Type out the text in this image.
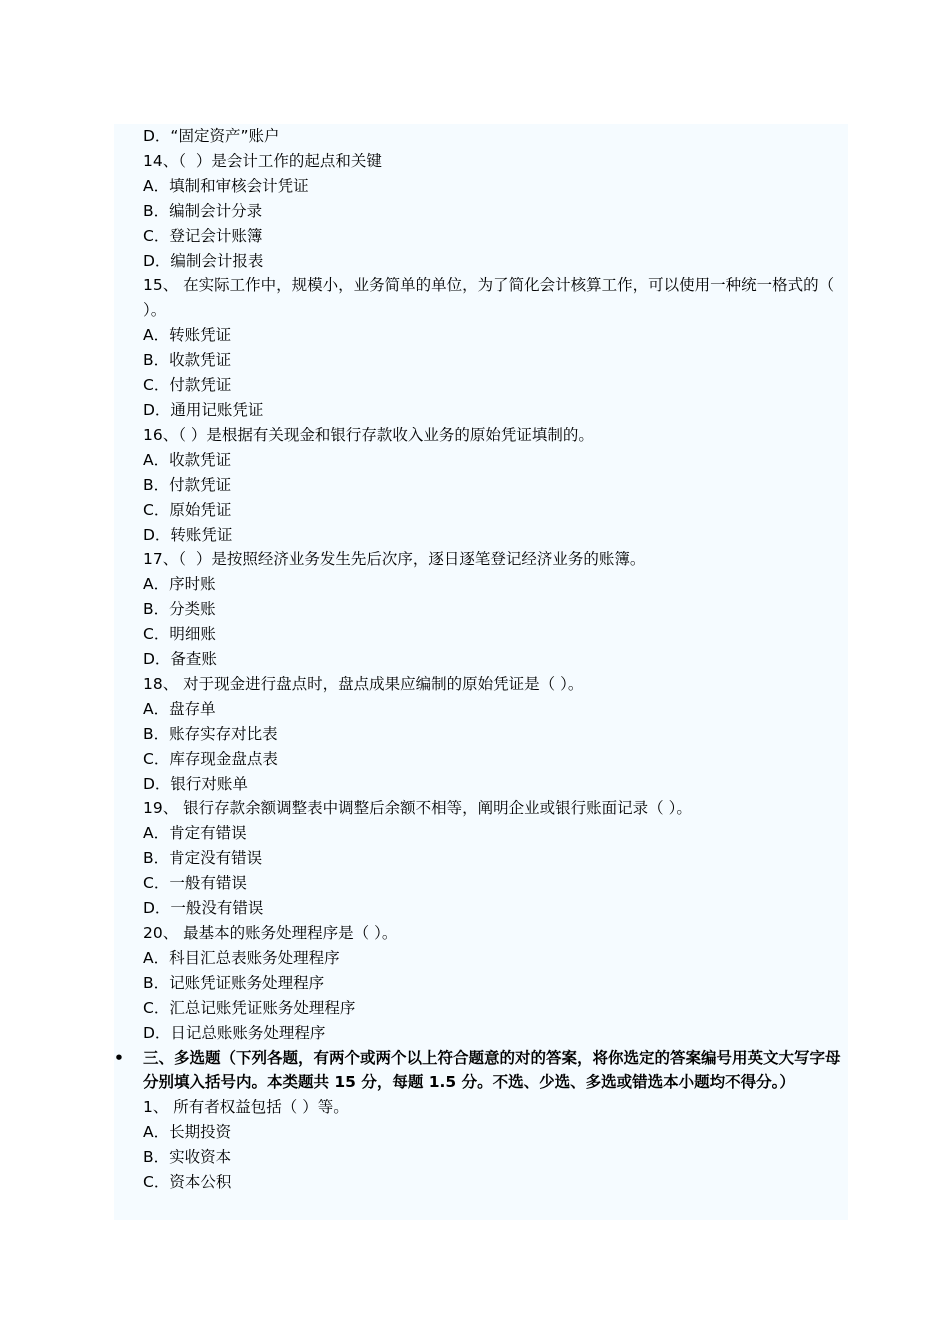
D．“固定资产”账户
14、（  ）是会计工作的起点和关键
A．填制和审核会计凭证
B．编制会计分录
C．登记会计账簿
D．编制会计报表
15、 在实际工作中，规模小，业务简单的单位，为了简化会计核算工作，可以使用一种统一格式的（  ）。
A．转账凭证
B．收款凭证
C．付款凭证
D．通用记账凭证
16、（ ）是根据有关现金和银行存款收入业务的原始凭证填制的。
A．收款凭证
B．付款凭证
C．原始凭证
D．转账凭证
17、（  ）是按照经济业务发生先后次序，逐日逐笔登记经济业务的账簿。
A．序时账
B．分类账
C．明细账
D．备查账
18、 对于现金进行盘点时，盘点成果应编制的原始凭证是（ ）。
A．盘存单
B．账存实存对比表
C．库存现金盘点表
D．银行对账单
19、 银行存款余额调整表中调整后余额不相等，阐明企业或银行账面记录（ ）。
A．肯定有错误
B．肯定没有错误
C．一般有错误
D．一般没有错误
20、 最基本的账务处理程序是（ ）。
A．科目汇总表账务处理程序
B．记账凭证账务处理程序
C．汇总记账凭证账务处理程序
D．日记总账账务处理程序
• 三、多选题（下列各题，有两个或两个以上符合题意的对的答案，将你选定的答案编号用英文大写字母分别填入括号内。本类题共 15 分，每题 1.5 分。不选、少选、多选或错选本小题均不得分。）
1、 所有者权益包括（ ）等。
A．长期投资
B．实收资本
C．资本公积
